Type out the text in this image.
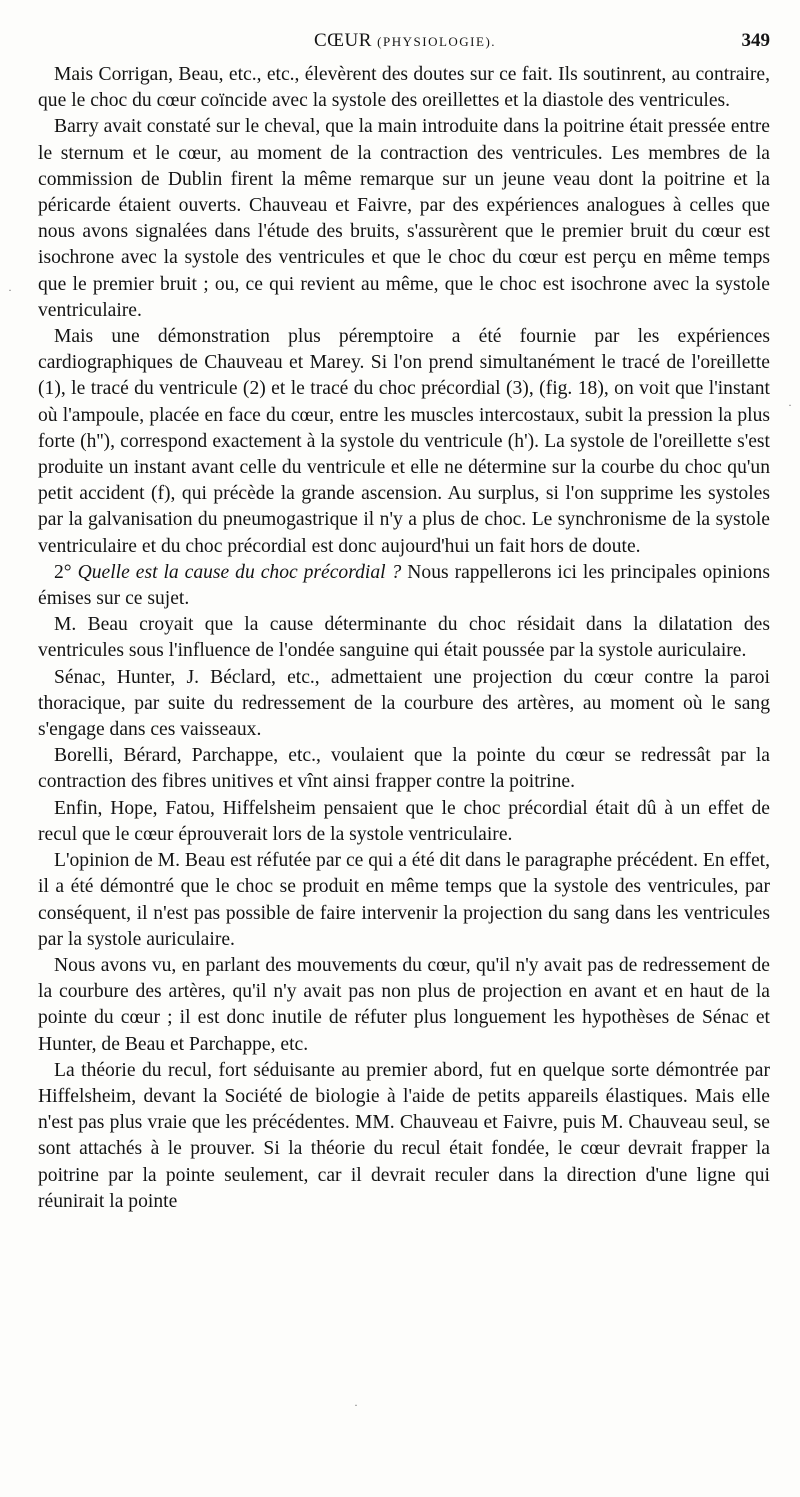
CŒUR (PHYSIOLOGIE).	349

Mais Corrigan, Beau, etc., etc., élevèrent des doutes sur ce fait. Ils soutinrent, au contraire, que le choc du cœur coïncide avec la systole des oreillettes et la diastole des ventricules.

Barry avait constaté sur le cheval, que la main introduite dans la poitrine était pressée entre le sternum et le cœur, au moment de la contraction des ventricules. Les membres de la commission de Dublin firent la même remarque sur un jeune veau dont la poitrine et la péricarde étaient ouverts. Chauveau et Faivre, par des expériences analogues à celles que nous avons signalées dans l'étude des bruits, s'assurèrent que le premier bruit du cœur est isochrone avec la systole des ventricules et que le choc du cœur est perçu en même temps que le premier bruit ; ou, ce qui revient au même, que le choc est isochrone avec la systole ventriculaire.

Mais une démonstration plus péremptoire a été fournie par les expériences cardiographiques de Chauveau et Marey. Si l'on prend simultanément le tracé de l'oreillette (1), le tracé du ventricule (2) et le tracé du choc précordial (3), (fig. 18), on voit que l'instant où l'ampoule, placée en face du cœur, entre les muscles intercostaux, subit la pression la plus forte (h''), correspond exactement à la systole du ventricule (h'). La systole de l'oreillette s'est produite un instant avant celle du ventricule et elle ne détermine sur la courbe du choc qu'un petit accident (f), qui précède la grande ascension. Au surplus, si l'on supprime les systoles par la galvanisation du pneumogastrique il n'y a plus de choc. Le synchronisme de la systole ventriculaire et du choc précordial est donc aujourd'hui un fait hors de doute.

2° Quelle est la cause du choc précordial ? Nous rappellerons ici les principales opinions émises sur ce sujet.

M. Beau croyait que la cause déterminante du choc résidait dans la dilatation des ventricules sous l'influence de l'ondée sanguine qui était poussée par la systole auriculaire.

Sénac, Hunter, J. Béclard, etc., admettaient une projection du cœur contre la paroi thoracique, par suite du redressement de la courbure des artères, au moment où le sang s'engage dans ces vaisseaux.

Borelli, Bérard, Parchappe, etc., voulaient que la pointe du cœur se redressât par la contraction des fibres unitives et vînt ainsi frapper contre la poitrine.

Enfin, Hope, Fatou, Hiffelsheim pensaient que le choc précordial était dû à un effet de recul que le cœur éprouverait lors de la systole ventriculaire.

L'opinion de M. Beau est réfutée par ce qui a été dit dans le paragraphe précédent. En effet, il a été démontré que le choc se produit en même temps que la systole des ventricules, par conséquent, il n'est pas possible de faire intervenir la projection du sang dans les ventricules par la systole auriculaire.

Nous avons vu, en parlant des mouvements du cœur, qu'il n'y avait pas de redressement de la courbure des artères, qu'il n'y avait pas non plus de projection en avant et en haut de la pointe du cœur ; il est donc inutile de réfuter plus longuement les hypothèses de Sénac et Hunter, de Beau et Parchappe, etc.

La théorie du recul, fort séduisante au premier abord, fut en quelque sorte démontrée par Hiffelsheim, devant la Société de biologie à l'aide de petits appareils élastiques. Mais elle n'est pas plus vraie que les précédentes. MM. Chauveau et Faivre, puis M. Chauveau seul, se sont attachés à le prouver. Si la théorie du recul était fondée, le cœur devrait frapper la poitrine par la pointe seulement, car il devrait reculer dans la direction d'une ligne qui réunirait la pointe

·
·
·
